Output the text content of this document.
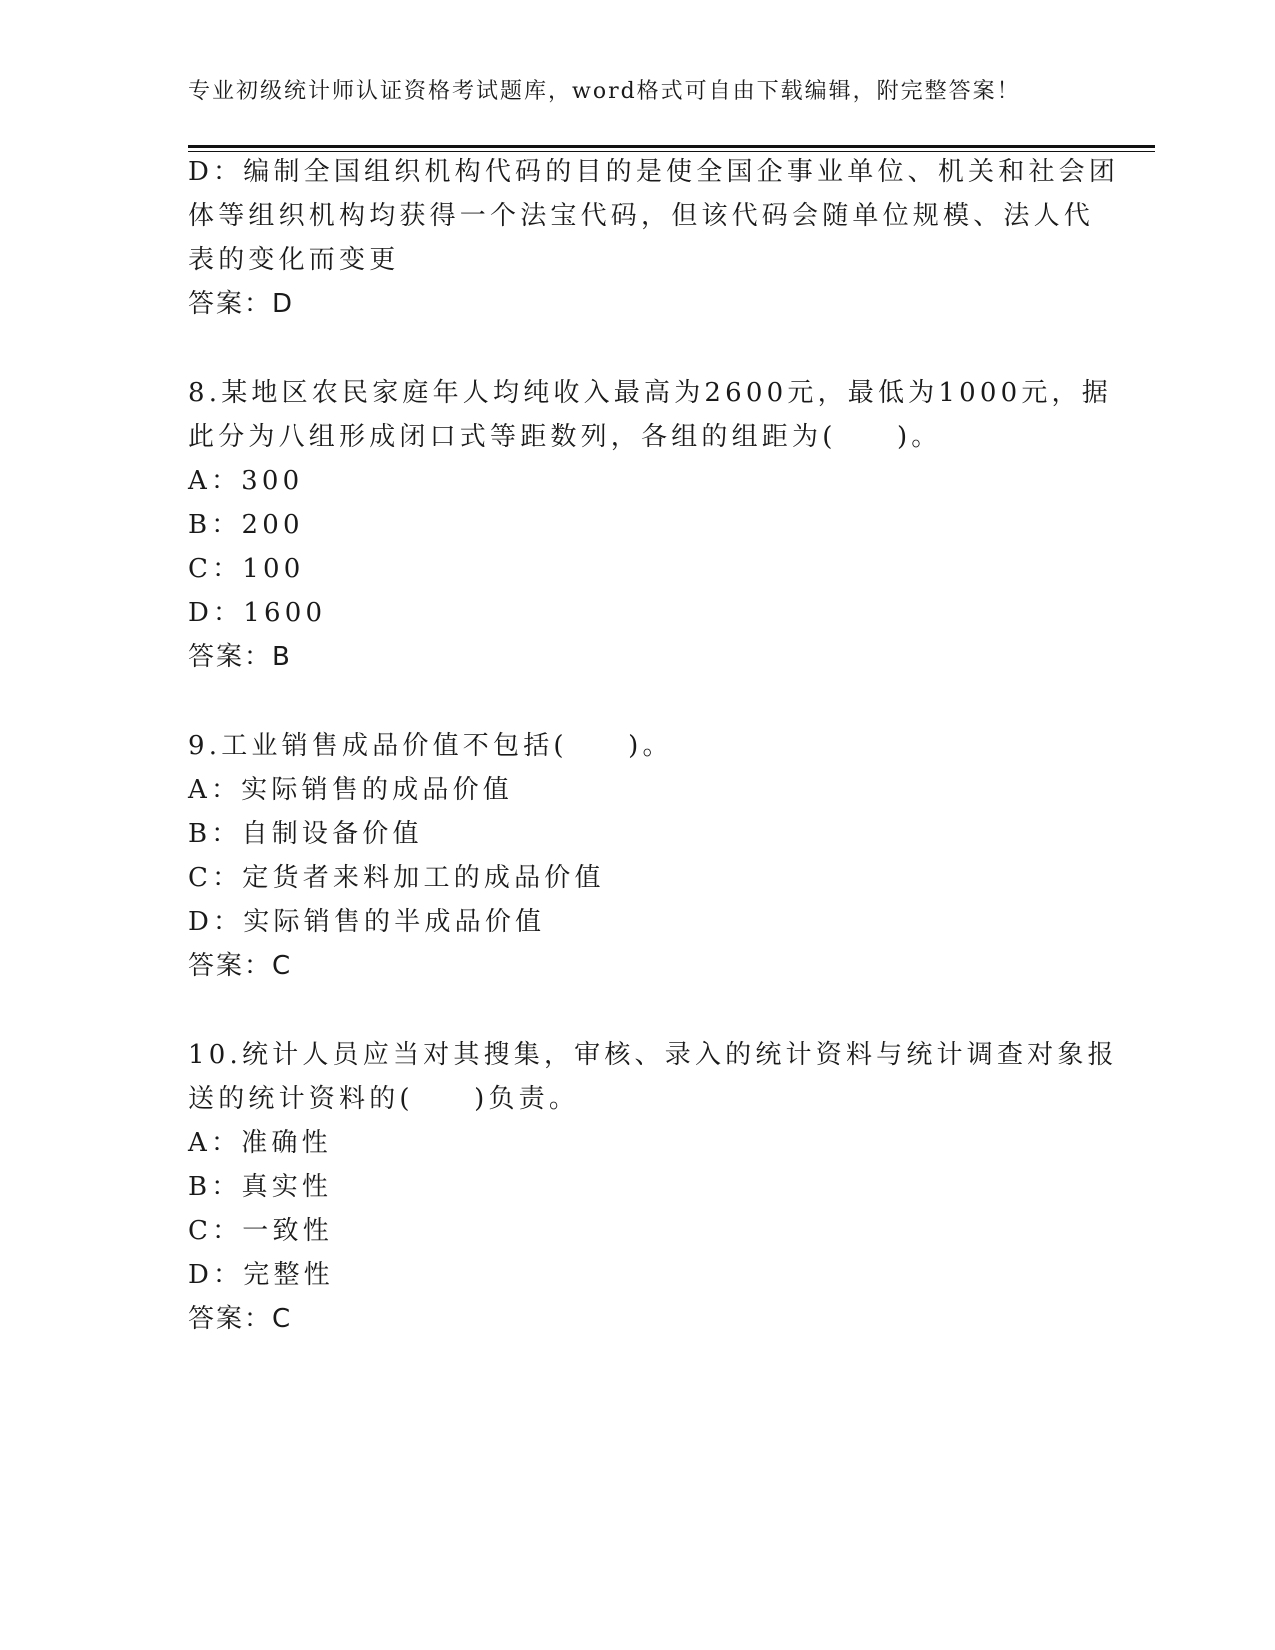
专业初级统计师认证资格考试题库，word格式可自由下载编辑，附完整答案！
D：编制全国组织机构代码的目的是使全国企事业单位、机关和社会团
体等组织机构均获得一个法宝代码，但该代码会随单位规模、法人代
表的变化而变更
答案：D
8.某地区农民家庭年人均纯收入最高为2600元，最低为1000元，据
此分为八组形成闭口式等距数列，各组的组距为(　　)。
A：300
B：200
C：100
D：1600
答案：B
9.工业销售成品价值不包括(　　)。
A：实际销售的成品价值
B：自制设备价值
C：定货者来料加工的成品价值
D：实际销售的半成品价值
答案：C
10.统计人员应当对其搜集，审核、录入的统计资料与统计调查对象报
送的统计资料的(　　)负责。
A：准确性
B：真实性
C：一致性
D：完整性
答案：C
